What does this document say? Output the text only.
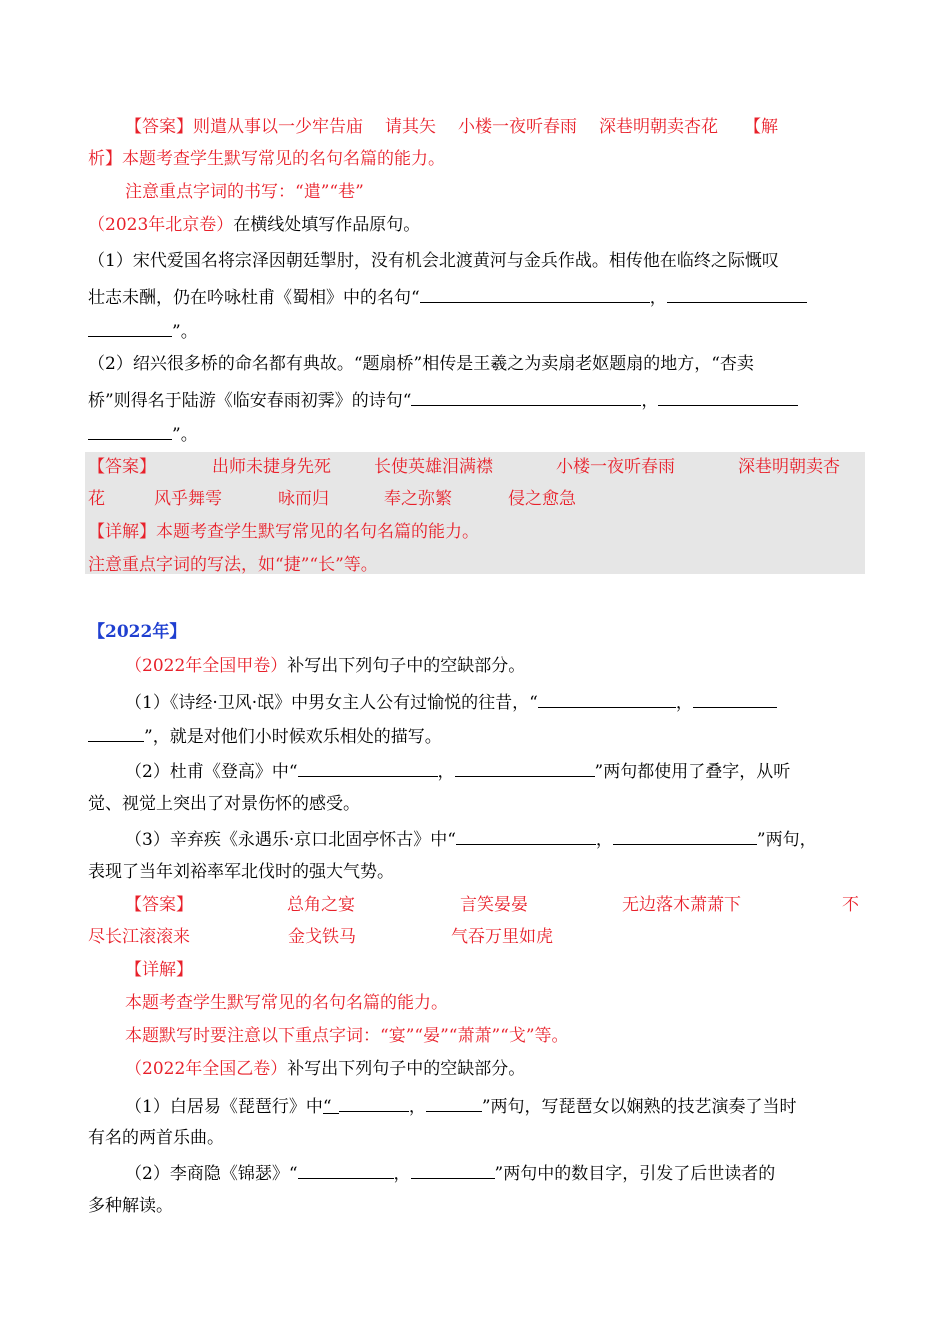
【答案】则遣从事以一少牢告庙 请其矢 小楼一夜听春雨 深巷明朝卖杏花 【解
析】本题考查学生默写常见的名句名篇的能力。
注意重点字词的书写：“遣”“巷”
（2023年北京卷）在横线处填写作品原句。
（1）宋代爱国名将宗泽因朝廷掣肘，没有机会北渡黄河与金兵作战。相传他在临终之际慨叹
壮志未酬，仍在吟咏杜甫《蜀相》中的名句“	，
”。
（2）绍兴很多桥的命名都有典故。“题扇桥”相传是王羲之为卖扇老妪题扇的地方，“杏卖
桥”则得名于陆游《临安春雨初霁》的诗句“	，
”。
【答案】	出师未捷身先死	长使英雄泪满襟	小楼一夜听春雨	深巷明朝卖杏
花	风乎舞雩	咏而归	奉之弥繁	侵之愈急
【详解】本题考查学生默写常见的名句名篇的能力。
注意重点字词的写法，如“捷”“长”等。
【2022年】
（2022年全国甲卷）补写出下列句子中的空缺部分。
（1）《诗经·卫风·氓》中男女主人公有过愉悦的往昔，“	，
”，就是对他们小时候欢乐相处的描写。
（2）杜甫《登高》中“	，	”两句都使用了叠字，从听
觉、视觉上突出了对景伤怀的感受。
（3）辛弃疾《永遇乐·京口北固亭怀古》中“	，	”两句，
表现了当年刘裕率军北伐时的强大气势。
【答案】	总角之宴	言笑晏晏	无边落木萧萧下	不
尽长江滚滚来	金戈铁马	气吞万里如虎
【详解】
本题考查学生默写常见的名句名篇的能力。
本题默写时要注意以下重点字词：“宴”“晏”“萧萧”“戈”等。
（2022年全国乙卷）补写出下列句子中的空缺部分。
（1）白居易《琵琶行》中“	，	”两句，写琵琶女以娴熟的技艺演奏了当时
有名的两首乐曲。
（2）李商隐《锦瑟》“	，	”两句中的数目字，引发了后世读者的
多种解读。
